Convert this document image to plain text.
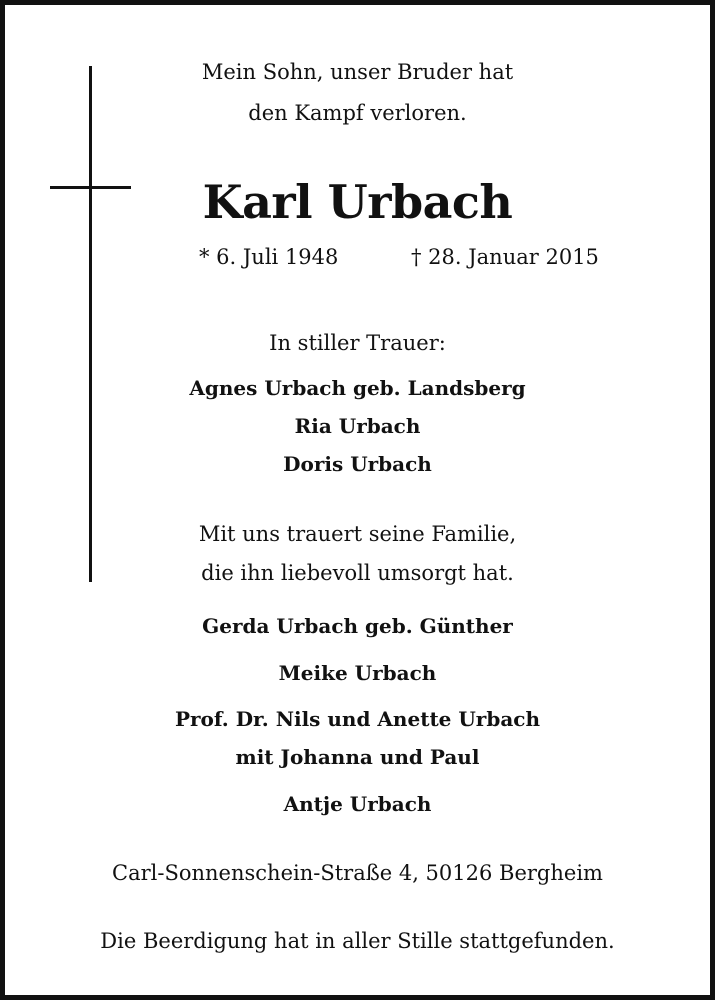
Mein Sohn, unser Bruder hat
den Kampf verloren.
Karl Urbach
* 6. Juli 1948	† 28. Januar 2015
In stiller Trauer:
Agnes Urbach geb. Landsberg
Ria Urbach
Doris Urbach
Mit uns trauert seine Familie,
die ihn liebevoll umsorgt hat.
Gerda Urbach geb. Günther
Meike Urbach
Prof. Dr. Nils und Anette Urbach
mit Johanna und Paul
Antje Urbach
Carl-Sonnenschein-Straße 4, 50126 Bergheim
Die Beerdigung hat in aller Stille stattgefunden.
